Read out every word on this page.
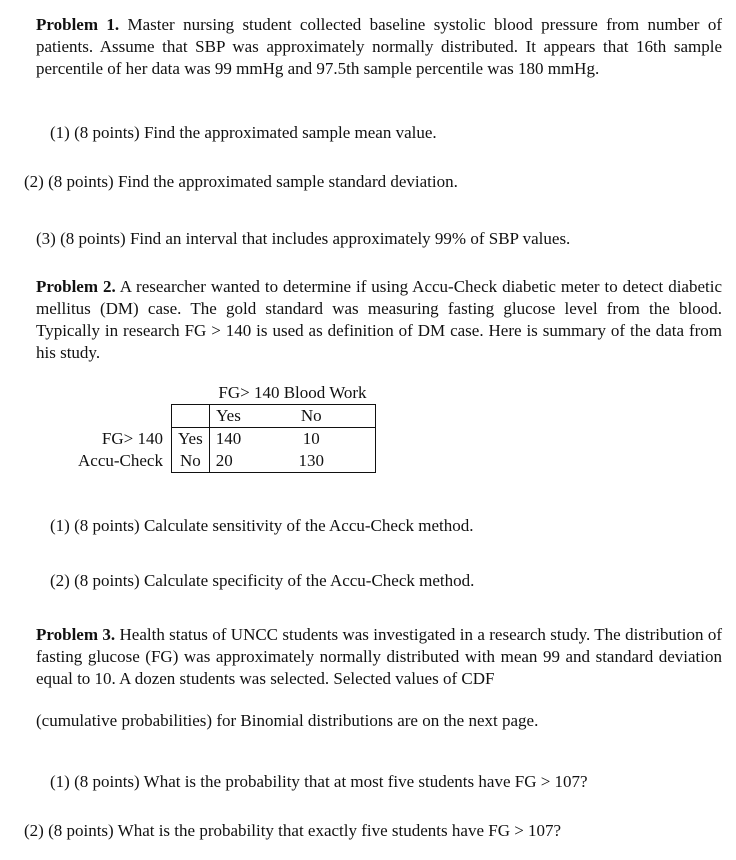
Problem 1. Master nursing student collected baseline systolic blood pressure from number of patients. Assume that SBP was approximately normally distributed. It appears that 16th sample percentile of her data was 99 mmHg and 97.5th sample percentile was 180 mmHg.

(1) (8 points) Find the approximated sample mean value.

(2) (8 points) Find the approximated sample standard deviation.

(3) (8 points) Find an interval that includes approximately 99% of SBP values.

Problem 2. A researcher wanted to determine if using Accu-Check diabetic meter to detect diabetic mellitus (DM) case. The gold standard was measuring fasting glucose level from the blood. Typically in research FG > 140 is used as definition of DM case. Here is summary of the data from his study.

		FG> 140 Blood Work	
		Yes	No
FG> 140	Yes	140	10
Accu-Check	No	20	130

(1) (8 points) Calculate sensitivity of the Accu-Check method.

(2) (8 points) Calculate specificity of the Accu-Check method.

Problem 3. Health status of UNCC students was investigated in a research study. The distribution of fasting glucose (FG) was approximately normally distributed with mean 99 and standard deviation equal to 10. A dozen students was selected. Selected values of CDF

(cumulative probabilities) for Binomial distributions are on the next page.

(1) (8 points) What is the probability that at most five students have FG > 107?

(2) (8 points) What is the probability that exactly five students have FG > 107?
